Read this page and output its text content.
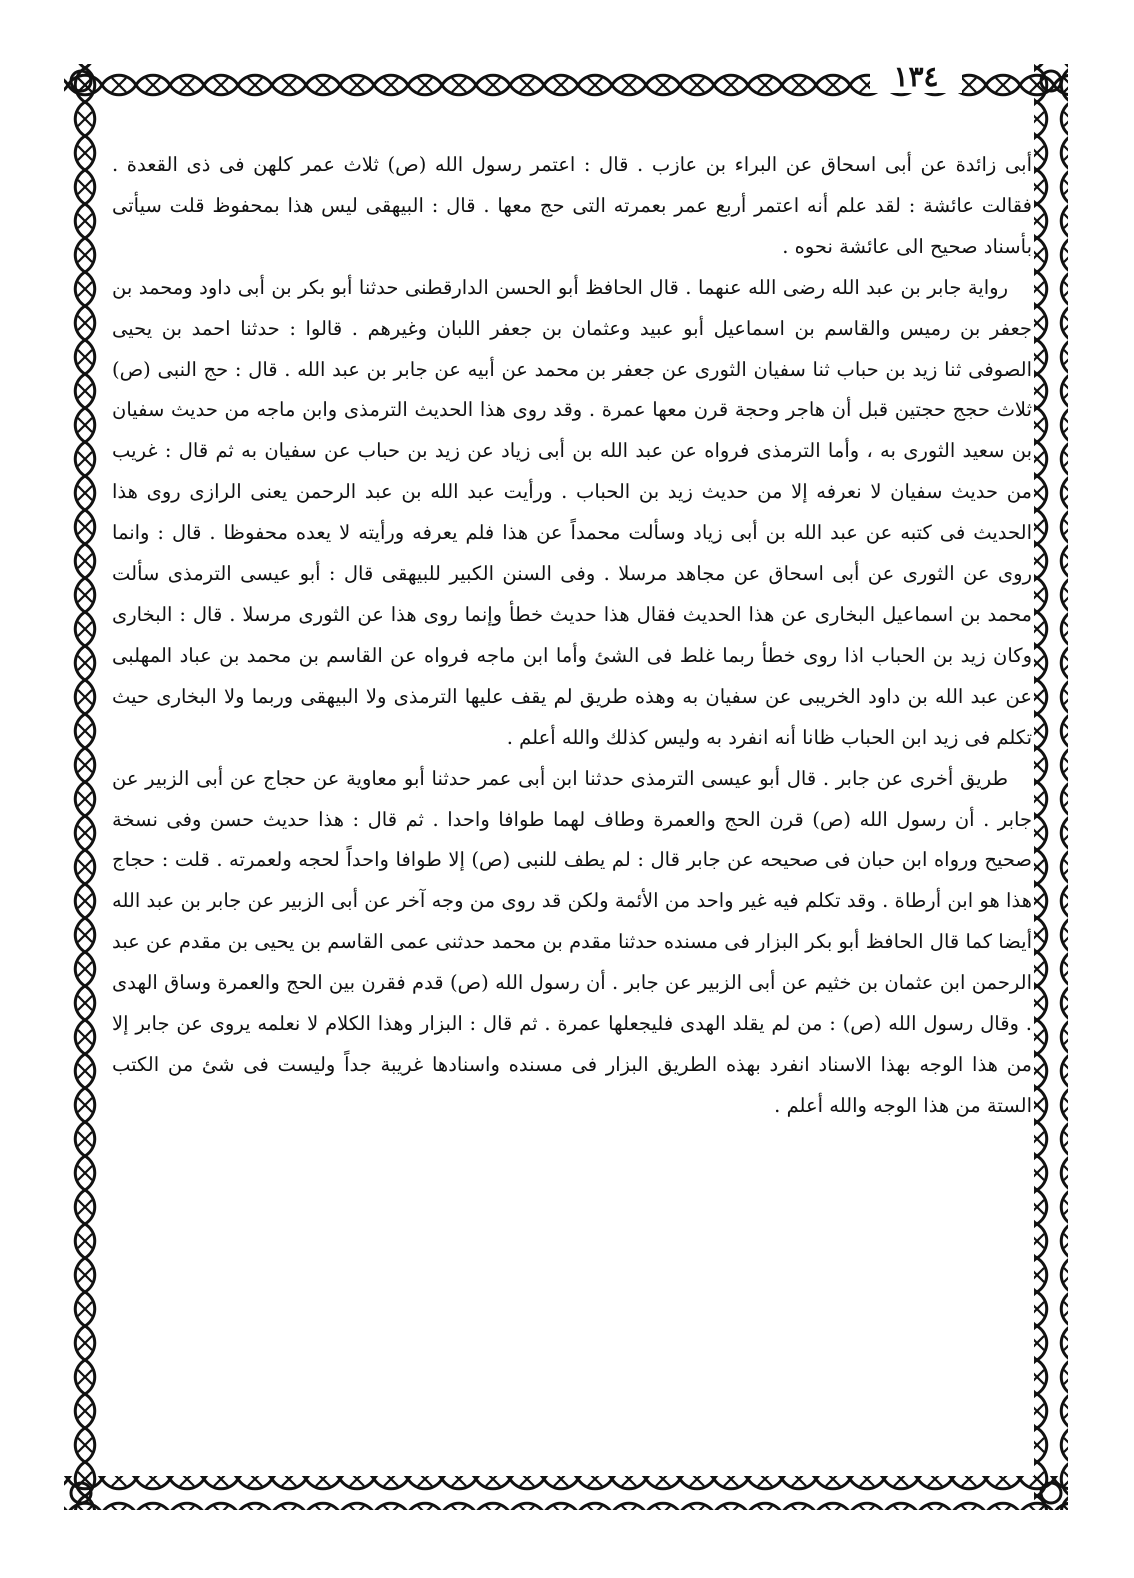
١٣٤

أبى زائدة عن أبى اسحاق عن البراء بن عازب . قال : اعتمر رسول الله (ص) ثلاث عمر كلهن فى ذى القعدة . فقالت عائشة : لقد علم أنه اعتمر أربع عمر بعمرته التى حج معها . قال : البيهقى ليس هذا بمحفوظ قلت سيأتى بأسناد صحيح الى عائشة نحوه .

رواية جابر بن عبد الله رضى الله عنهما . قال الحافظ أبو الحسن الدارقطنى حدثنا أبو بكر بن أبى داود ومحمد بن جعفر بن رميس والقاسم بن اسماعيل أبو عبيد وعثمان بن جعفر اللبان وغيرهم . قالوا : حدثنا احمد بن يحيى الصوفى ثنا زيد بن حباب ثنا سفيان الثورى عن جعفر بن محمد عن أبيه عن جابر بن عبد الله . قال : حج النبى (ص) ثلاث حجج حجتين قبل أن هاجر وحجة قرن معها عمرة . وقد روى هذا الحديث الترمذى وابن ماجه من حديث سفيان بن سعيد الثورى به ، وأما الترمذى فرواه عن عبد الله بن أبى زياد عن زيد بن حباب عن سفيان به ثم قال : غريب من حديث سفيان لا نعرفه إلا من حديث زيد بن الحباب . ورأيت عبد الله بن عبد الرحمن يعنى الرازى روى هذا الحديث فى كتبه عن عبد الله بن أبى زياد وسألت محمداً عن هذا فلم يعرفه ورأيته لا يعده محفوظا . قال : وانما روى عن الثورى عن أبى اسحاق عن مجاهد مرسلا . وفى السنن الكبير للبيهقى قال : أبو عيسى الترمذى سألت محمد بن اسماعيل البخارى عن هذا الحديث فقال هذا حديث خطأ وإنما روى هذا عن الثورى مرسلا . قال : البخارى وكان زيد بن الحباب اذا روى خطأ ربما غلط فى الشئ وأما ابن ماجه فرواه عن القاسم بن محمد بن عباد المهلبى عن عبد الله بن داود الخريبى عن سفيان به وهذه طريق لم يقف عليها الترمذى ولا البيهقى وربما ولا البخارى حيث تكلم فى زيد ابن الحباب ظانا أنه انفرد به وليس كذلك والله أعلم .

طريق أخرى عن جابر . قال أبو عيسى الترمذى حدثنا ابن أبى عمر حدثنا أبو معاوية عن حجاج عن أبى الزبير عن جابر . أن رسول الله (ص) قرن الحج والعمرة وطاف لهما طوافا واحدا . ثم قال : هذا حديث حسن وفى نسخة صحيح ورواه ابن حبان فى صحيحه عن جابر قال : لم يطف للنبى (ص) إلا طوافا واحداً لحجه ولعمرته . قلت : حجاج هذا هو ابن أرطاة . وقد تكلم فيه غير واحد من الأئمة ولكن قد روى من وجه آخر عن أبى الزبير عن جابر بن عبد الله أيضا كما قال الحافظ أبو بكر البزار فى مسنده حدثنا مقدم بن محمد حدثنى عمى القاسم بن يحيى بن مقدم عن عبد الرحمن ابن عثمان بن خثيم عن أبى الزبير عن جابر . أن رسول الله (ص) قدم فقرن بين الحج والعمرة وساق الهدى . وقال رسول الله (ص) : من لم يقلد الهدى فليجعلها عمرة . ثم قال : البزار وهذا الكلام لا نعلمه يروى عن جابر إلا من هذا الوجه بهذا الاسناد انفرد بهذه الطريق البزار فى مسنده واسنادها غريبة جداً وليست فى شئ من الكتب الستة من هذا الوجه والله أعلم .
